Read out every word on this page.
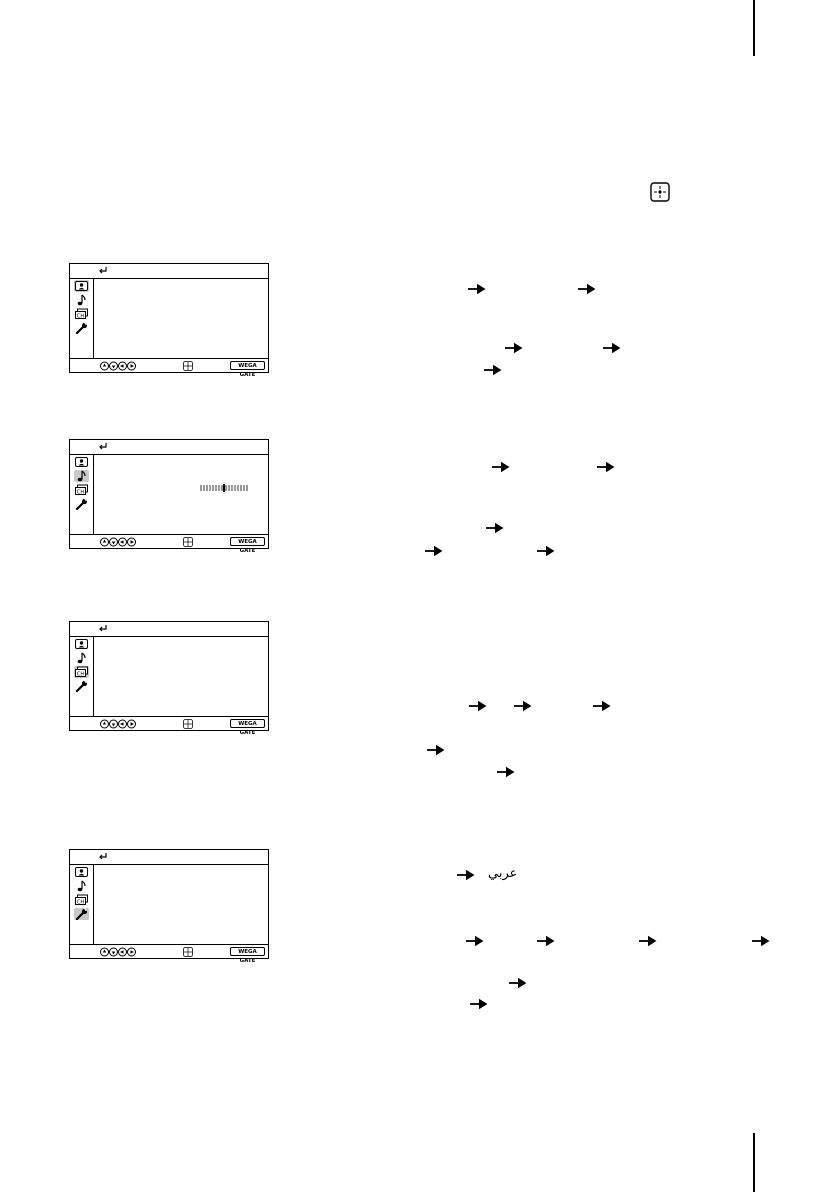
CH
WEGA GATE
CH
WEGA GATE
CH
WEGA GATE
CH
WEGA GATE
عربي
